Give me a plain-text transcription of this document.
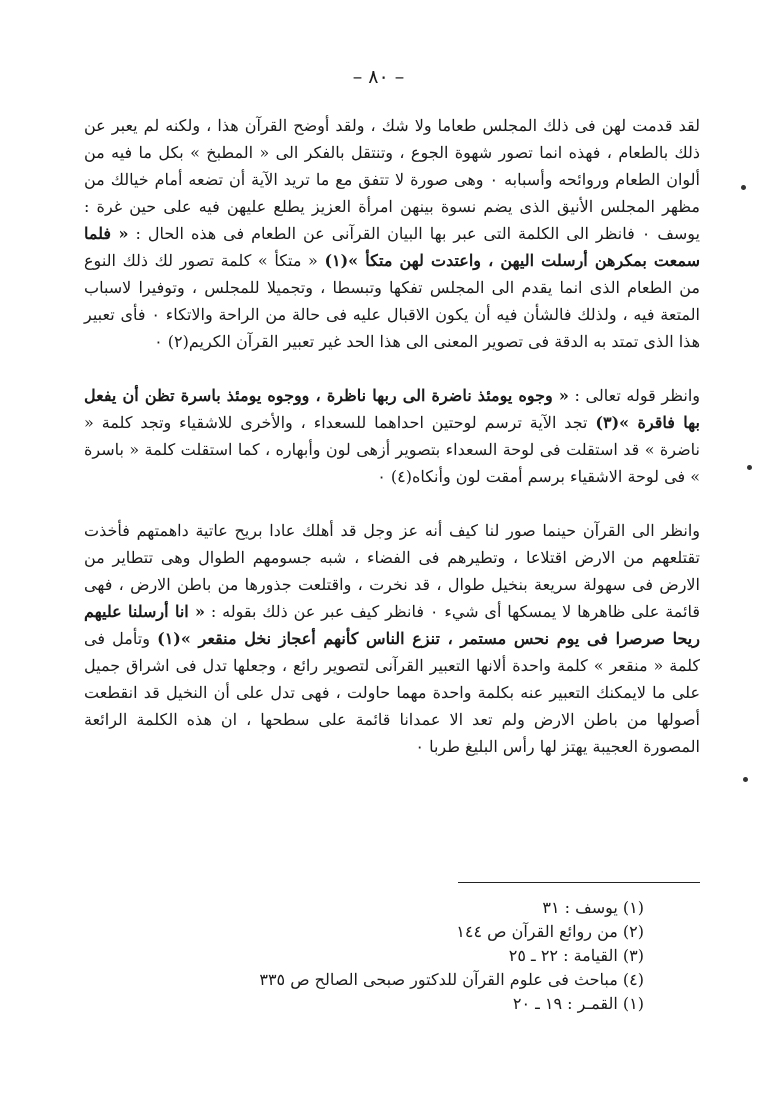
– ٨٠ –

لقد قدمت لهن فى ذلك المجلس طعاما ولا شك ، ولقد أوضح القرآن هذا ، ولكنه لم يعبر عن ذلك بالطعام ، فهذه انما تصور شهوة الجوع ، وتنتقل بالفكر الى « المطبخ » بكل ما فيه من ألوان الطعام وروائحه وأسبابه ٠ وهى صورة لا تتفق مع ما تريد الآية أن تضعه أمام خيالك من مظهر المجلس الأنيق الذى يضم نسوة بينهن امرأة العزيز يطلع عليهن فيه على حين غرة : يوسف ٠ فانظر الى الكلمة التى عبر بها البيان القرآنى عن الطعام فى هذه الحال : « فلما سمعت بمكرهن أرسلت اليهن ، واعتدت لهن متكأ »(١) « متكأ » كلمة تصور لك ذلك النوع من الطعام الذى انما يقدم الى المجلس تفكها وتبسطا ، وتجميلا للمجلس ، وتوفيرا لاسباب المتعة فيه ، ولذلك فالشأن فيه أن يكون الاقبال عليه فى حالة من الراحة والاتكاء ٠ فأى تعبير هذا الذى تمتد به الدقة فى تصوير المعنى الى هذا الحد غير تعبير القرآن الكريم(٢) ٠

وانظر قوله تعالى : « وجوه يومئذ ناضرة الى ربها ناظرة ، ووجوه يومئذ باسرة تظن أن يفعل بها فاقرة »(٣) تجد الآية ترسم لوحتين احداهما للسعداء ، والأخرى للاشقياء وتجد كلمة « ناضرة » قد استقلت فى لوحة السعداء بتصوير أزهى لون وأبهاره ، كما استقلت كلمة « باسرة » فى لوحة الاشقياء برسم أمقت لون وأنكاه(٤) ٠

وانظر الى القرآن حينما صور لنا كيف أنه عز وجل قد أهلك عادا بريح عاتية داهمتهم فأخذت تقتلعهم من الارض اقتلاعا ، وتطيرهم فى الفضاء ، شبه جسومهم الطوال وهى تتطاير من الارض فى سهولة سريعة بنخيل طوال ، قد نخرت ، واقتلعت جذورها من باطن الارض ، فهى قائمة على ظاهرها لا يمسكها أى شيء ٠ فانظر كيف عبر عن ذلك بقوله : « انا أرسلنا عليهم ريحا صرصرا فى يوم نحس مستمر ، تنزع الناس كأنهم أعجاز نخل منقعر »(١) وتأمل فى كلمة « منقعر » كلمة واحدة ألانها التعبير القرآنى لتصوير رائع ، وجعلها تدل فى اشراق جميل على ما لايمكنك التعبير عنه بكلمة واحدة مهما حاولت ، فهى تدل على أن النخيل قد انقطعت أصولها من باطن الارض ولم تعد الا عمدانا قائمة على سطحها ، ان هذه الكلمة الرائعة المصورة العجيبة يهتز لها رأس البليغ طربا ٠

(١) يوسف : ٣١
(٢) من روائع القرآن ص ١٤٤
(٣) القيامة : ٢٢ ـ ٢٥
(٤) مباحث فى علوم القرآن للدكتور صبحى الصالح ص ٣٣٥
(١) القمـر : ١٩ ـ ٢٠
